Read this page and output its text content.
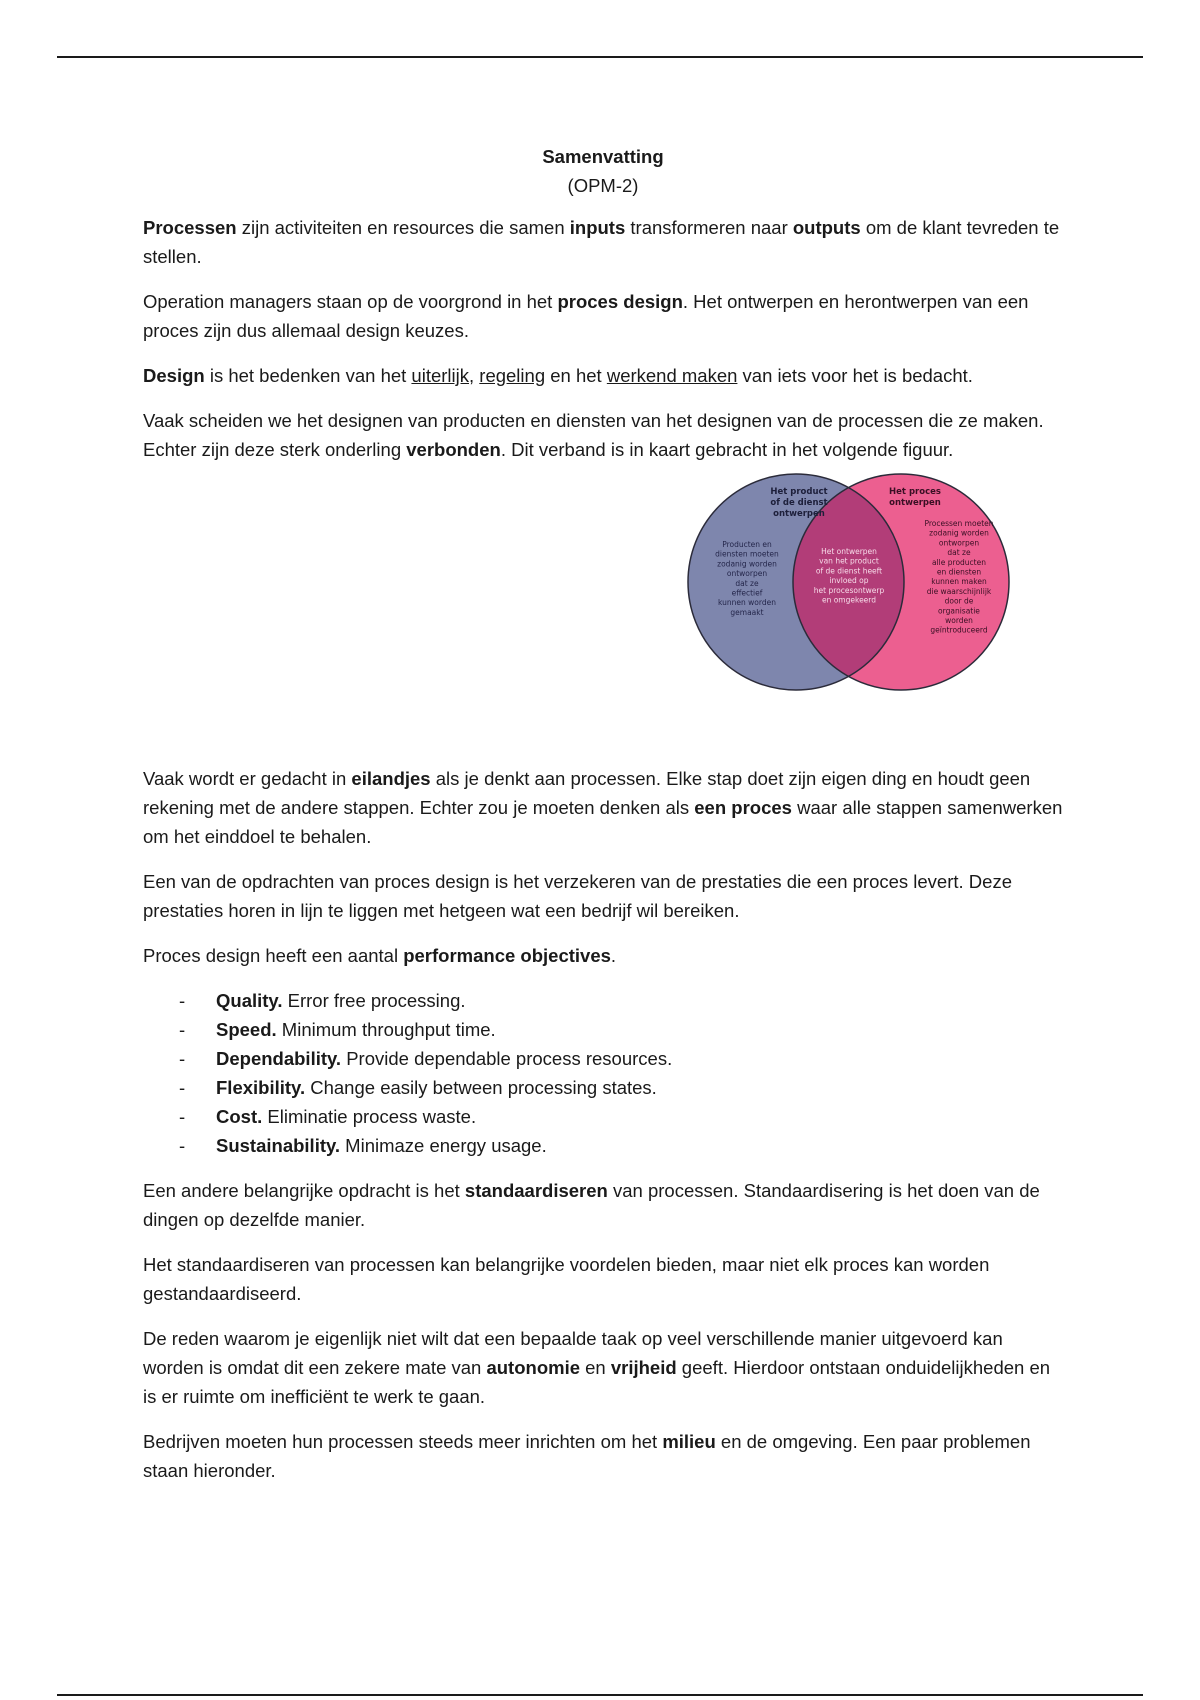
Samenvatting

(OPM-2)

Processen zijn activiteiten en resources die samen inputs transformeren naar outputs om de klant tevreden te stellen.

Operation managers staan op de voorgrond in het proces design. Het ontwerpen en herontwerpen van een proces zijn dus allemaal design keuzes.

Design is het bedenken van het uiterlijk, regeling en het werkend maken van iets voor het is bedacht.

Vaak scheiden we het designen van producten en diensten van het designen van de processen die ze maken. Echter zijn deze sterk onderling verbonden. Dit verband is in kaart gebracht in het volgende figuur.

Het product
of de dienst
ontwerpen
Producten en
diensten moeten
zodanig worden
ontworpen
dat ze
effectief
kunnen worden
gemaakt
Het ontwerpen
van het product
of de dienst heeft
invloed op
het procesontwerp
en omgekeerd
Het proces
ontwerpen
Processen moeten
zodanig worden
ontworpen
dat ze
alle producten
en diensten
kunnen maken
die waarschijnlijk
door de
organisatie
worden
geïntroduceerd

Vaak wordt er gedacht in eilandjes als je denkt aan processen. Elke stap doet zijn eigen ding en houdt geen rekening met de andere stappen. Echter zou je moeten denken als een proces waar alle stappen samenwerken om het einddoel te behalen.

Een van de opdrachten van proces design is het verzekeren van de prestaties die een proces levert. Deze prestaties horen in lijn te liggen met hetgeen wat een bedrijf wil bereiken.

Proces design heeft een aantal performance objectives.

- Quality. Error free processing.
- Speed. Minimum throughput time.
- Dependability. Provide dependable process resources.
- Flexibility. Change easily between processing states.
- Cost. Eliminatie process waste.
- Sustainability. Minimaze energy usage.

Een andere belangrijke opdracht is het standaardiseren van processen. Standaardisering is het doen van de dingen op dezelfde manier.

Het standaardiseren van processen kan belangrijke voordelen bieden, maar niet elk proces kan worden gestandaardiseerd.

De reden waarom je eigenlijk niet wilt dat een bepaalde taak op veel verschillende manier uitgevoerd kan worden is omdat dit een zekere mate van autonomie en vrijheid geeft. Hierdoor ontstaan onduidelijkheden en is er ruimte om inefficiënt te werk te gaan.

Bedrijven moeten hun processen steeds meer inrichten om het milieu en de omgeving. Een paar problemen staan hieronder.
